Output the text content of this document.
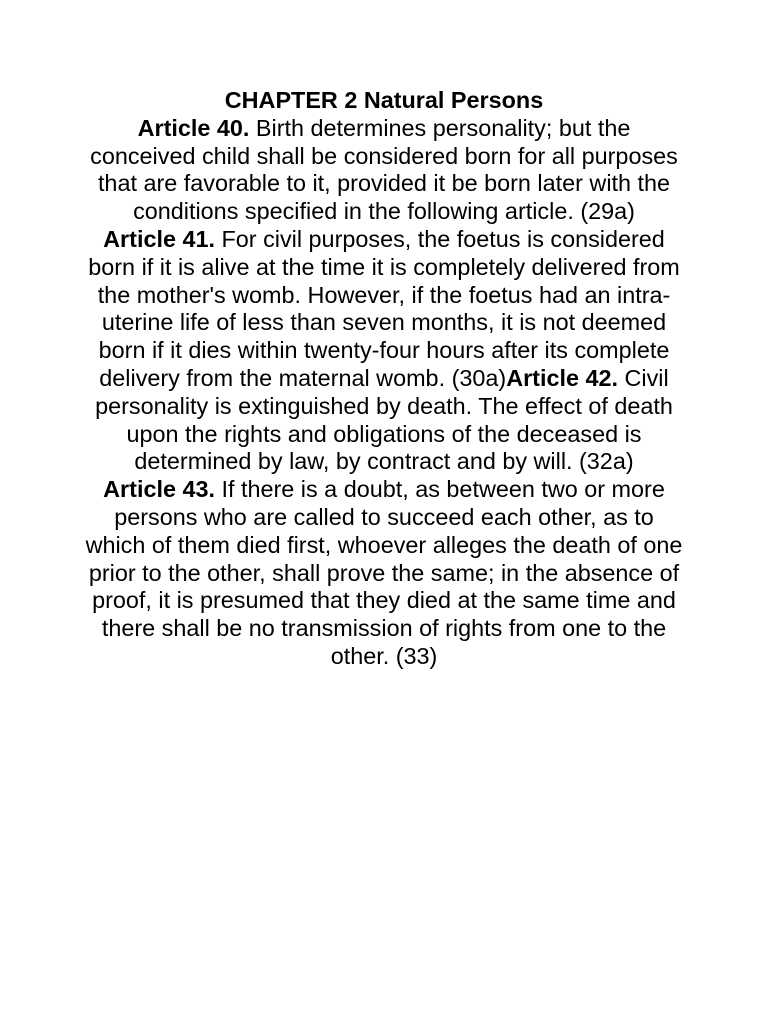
CHAPTER 2 Natural Persons
Article 40. Birth determines personality; but the conceived child shall be considered born for all purposes that are favorable to it, provided it be born later with the conditions specified in the following article. (29a)
Article 41. For civil purposes, the foetus is considered born if it is alive at the time it is completely delivered from the mother's womb. However, if the foetus had an intra-uterine life of less than seven months, it is not deemed born if it dies within twenty-four hours after its complete delivery from the maternal womb. (30a)Article 42. Civil personality is extinguished by death. The effect of death upon the rights and obligations of the deceased is determined by law, by contract and by will. (32a)
Article 43. If there is a doubt, as between two or more persons who are called to succeed each other, as to which of them died first, whoever alleges the death of one prior to the other, shall prove the same; in the absence of proof, it is presumed that they died at the same time and there shall be no transmission of rights from one to the other. (33)
